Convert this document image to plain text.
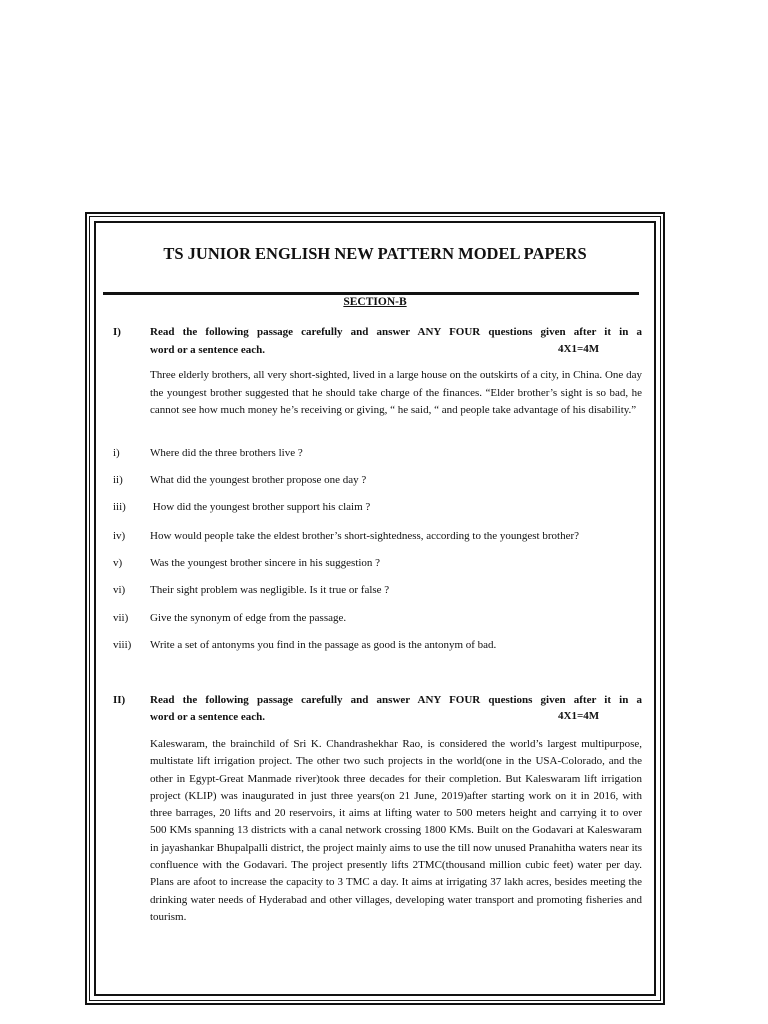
TS JUNIOR ENGLISH NEW PATTERN MODEL PAPERS
SECTION-B
I)	Read the following passage carefully and answer ANY FOUR questions given after it in a
word or a sentence each.	4X1=4M
Three elderly brothers, all very short-sighted, lived in a large house on the outskirts of a city, in China. One day the youngest brother suggested that he should take charge of the finances. “Elder brother’s sight is so bad, he cannot see how much money he’s receiving or giving, “ he said, “ and people take advantage of his disability.”
i)	Where did the three brothers live ?
ii) What did the youngest brother propose one day ?
iii) How did the youngest brother support his claim ?
iv) How would people take the eldest brother’s short-sightedness, according to the youngest brother?
v)	Was the youngest brother sincere in his suggestion ?
vi) Their sight problem was negligible. Is it true or false ?
vii) Give the synonym of edge from the passage.
viii) Write a set of antonyms you find in the passage as good is the antonym of bad.
II) Read the following passage carefully and answer ANY FOUR questions given after it in a
word or a sentence each.	4X1=4M
Kaleswaram, the brainchild of Sri K. Chandrashekhar Rao, is considered the world’s largest multipurpose, multistate lift irrigation project. The other two such projects in the world(one in the USA-Colorado, and the other in Egypt-Great Manmade river)took three decades for their completion. But Kaleswaram lift irrigation project (KLIP) was inaugurated in just three years(on 21 June, 2019)after starting work on it in 2016, with three barrages, 20 lifts and 20 reservoirs, it aims at lifting water to 500 meters height and carrying it to over 500 KMs spanning 13 districts with a canal network crossing 1800 KMs. Built on the Godavari at Kaleswaram in jayashankar Bhupalpalli district, the project mainly aims to use the till now unused Pranahitha waters near its confluence with the Godavari. The project presently lifts 2TMC(thousand million cubic feet) water per day. Plans are afoot to increase the capacity to 3 TMC a day. It aims at irrigating 37 lakh acres, besides meeting the drinking water needs of Hyderabad and other villages, developing water transport and promoting fisheries and tourism.
